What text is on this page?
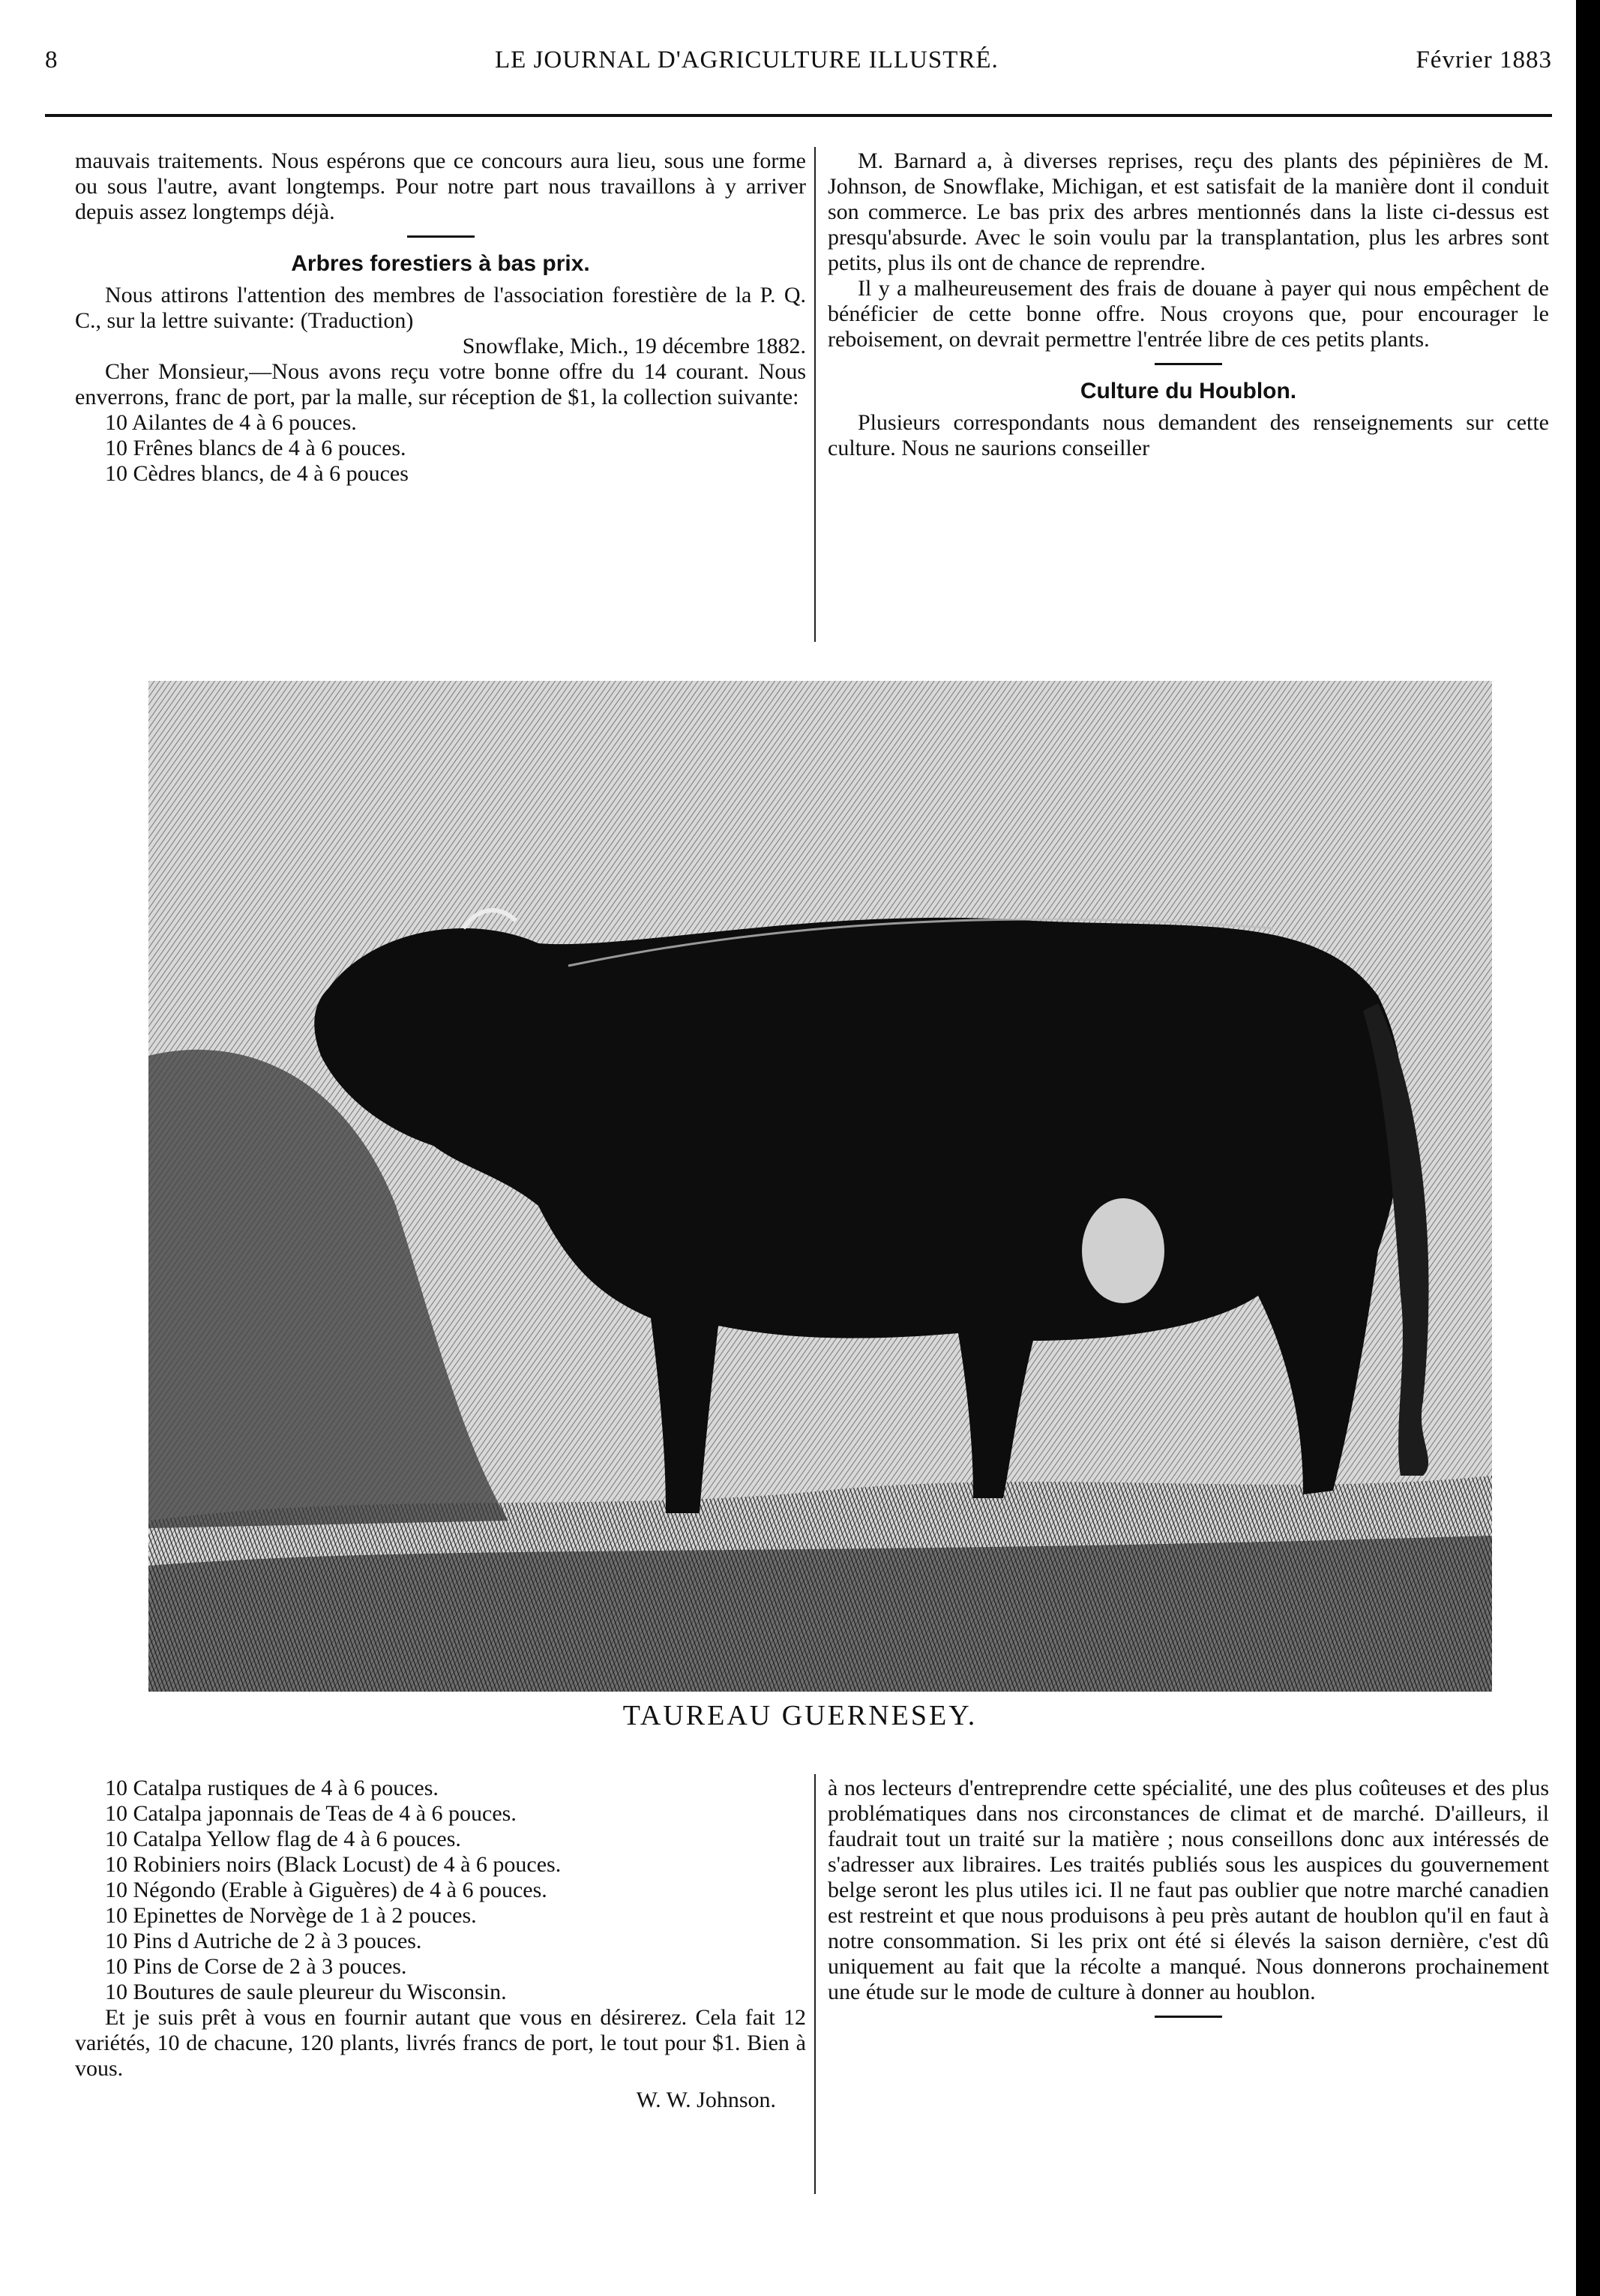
8	LE JOURNAL D'AGRICULTURE ILLUSTRÉ.	Février 1883

mauvais traitements. Nous espérons que ce concours aura lieu, sous une forme ou sous l'autre, avant longtemps. Pour notre part nous travaillons à y arriver depuis assez longtemps déjà.

Arbres forestiers à bas prix.

Nous attirons l'attention des membres de l'association forestière de la P. Q. C., sur la lettre suivante: (Traduction)

Snowflake, Mich., 19 décembre 1882.

Cher Monsieur,—Nous avons reçu votre bonne offre du 14 courant. Nous enverrons, franc de port, par la malle, sur réception de $1, la collection suivante:

10 Ailantes de 4 à 6 pouces.

10 Frênes blancs de 4 à 6 pouces.

10 Cèdres blancs, de 4 à 6 pouces

M. Barnard a, à diverses reprises, reçu des plants des pépinières de M. Johnson, de Snowflake, Michigan, et est satisfait de la manière dont il conduit son commerce. Le bas prix des arbres mentionnés dans la liste ci-dessus est presqu'absurde. Avec le soin voulu par la transplantation, plus les arbres sont petits, plus ils ont de chance de reprendre.

Il y a malheureusement des frais de douane à payer qui nous empêchent de bénéficier de cette bonne offre. Nous croyons que, pour encourager le reboisement, on devrait permettre l'entrée libre de ces petits plants.

Culture du Houblon.

Plusieurs correspondants nous demandent des renseignements sur cette culture. Nous ne saurions conseiller

TAUREAU GUERNESEY.

10 Catalpa rustiques de 4 à 6 pouces.

10 Catalpa japonnais de Teas de 4 à 6 pouces.

10 Catalpa Yellow flag de 4 à 6 pouces.

10 Robiniers noirs (Black Locust) de 4 à 6 pouces.

10 Négondo (Erable à Giguères) de 4 à 6 pouces.

10 Epinettes de Norvège de 1 à 2 pouces.

10 Pins d Autriche de 2 à 3 pouces.

10 Pins de Corse de 2 à 3 pouces.

10 Boutures de saule pleureur du Wisconsin.

Et je suis prêt à vous en fournir autant que vous en désirerez. Cela fait 12 variétés, 10 de chacune, 120 plants, livrés francs de port, le tout pour $1. Bien à vous.

W. W. Johnson.

à nos lecteurs d'entreprendre cette spécialité, une des plus coûteuses et des plus problématiques dans nos circonstances de climat et de marché. D'ailleurs, il faudrait tout un traité sur la matière ; nous conseillons donc aux intéressés de s'adresser aux libraires. Les traités publiés sous les auspices du gouvernement belge seront les plus utiles ici. Il ne faut pas oublier que notre marché canadien est restreint et que nous produisons à peu près autant de houblon qu'il en faut à notre consommation. Si les prix ont été si élevés la saison dernière, c'est dû uniquement au fait que la récolte a manqué. Nous donnerons prochainement une étude sur le mode de culture à donner au houblon.
